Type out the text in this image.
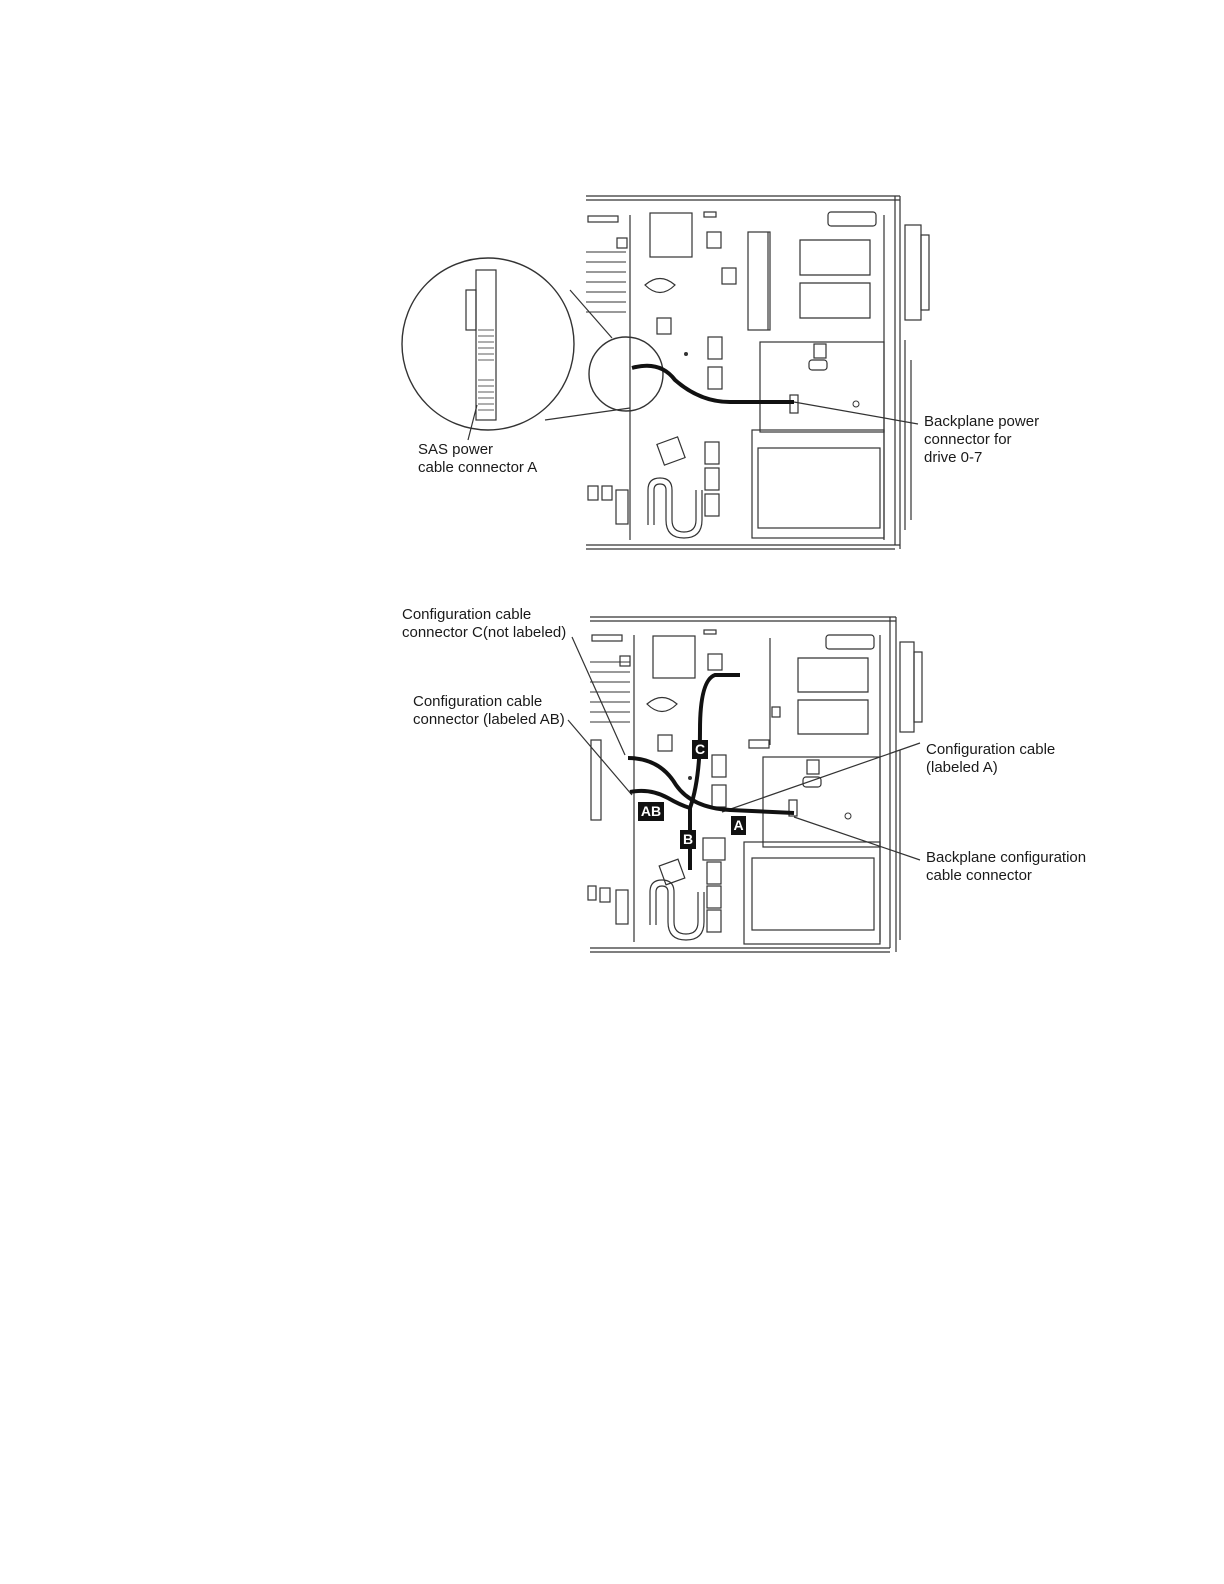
SAS power
cable connector A
Backplane power
connector for
drive 0-7
AB
A
B
C
Configuration cable
connector C(not labeled)
Configuration cable
connector (labeled AB)
Configuration cable
(labeled A)
Backplane configuration
cable connector
